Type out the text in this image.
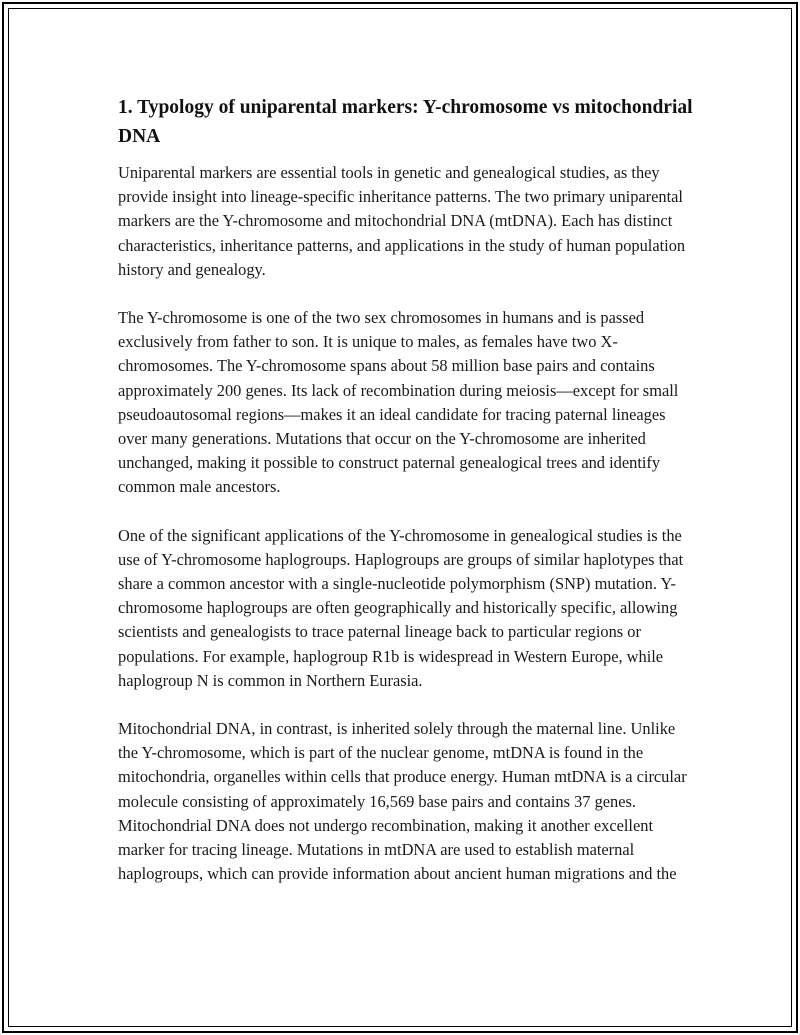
1. Typology of uniparental markers: Y-chromosome vs mitochondrial DNA

Uniparental markers are essential tools in genetic and genealogical studies, as they provide insight into lineage-specific inheritance patterns. The two primary uniparental markers are the Y-chromosome and mitochondrial DNA (mtDNA). Each has distinct characteristics, inheritance patterns, and applications in the study of human population history and genealogy.

The Y-chromosome is one of the two sex chromosomes in humans and is passed exclusively from father to son. It is unique to males, as females have two X-chromosomes. The Y-chromosome spans about 58 million base pairs and contains approximately 200 genes. Its lack of recombination during meiosis—except for small pseudoautosomal regions—makes it an ideal candidate for tracing paternal lineages over many generations. Mutations that occur on the Y-chromosome are inherited unchanged, making it possible to construct paternal genealogical trees and identify common male ancestors.

One of the significant applications of the Y-chromosome in genealogical studies is the use of Y-chromosome haplogroups. Haplogroups are groups of similar haplotypes that share a common ancestor with a single-nucleotide polymorphism (SNP) mutation. Y-chromosome haplogroups are often geographically and historically specific, allowing scientists and genealogists to trace paternal lineage back to particular regions or populations. For example, haplogroup R1b is widespread in Western Europe, while haplogroup N is common in Northern Eurasia.

Mitochondrial DNA, in contrast, is inherited solely through the maternal line. Unlike the Y-chromosome, which is part of the nuclear genome, mtDNA is found in the mitochondria, organelles within cells that produce energy. Human mtDNA is a circular molecule consisting of approximately 16,569 base pairs and contains 37 genes. Mitochondrial DNA does not undergo recombination, making it another excellent marker for tracing lineage. Mutations in mtDNA are used to establish maternal haplogroups, which can provide information about ancient human migrations and the
